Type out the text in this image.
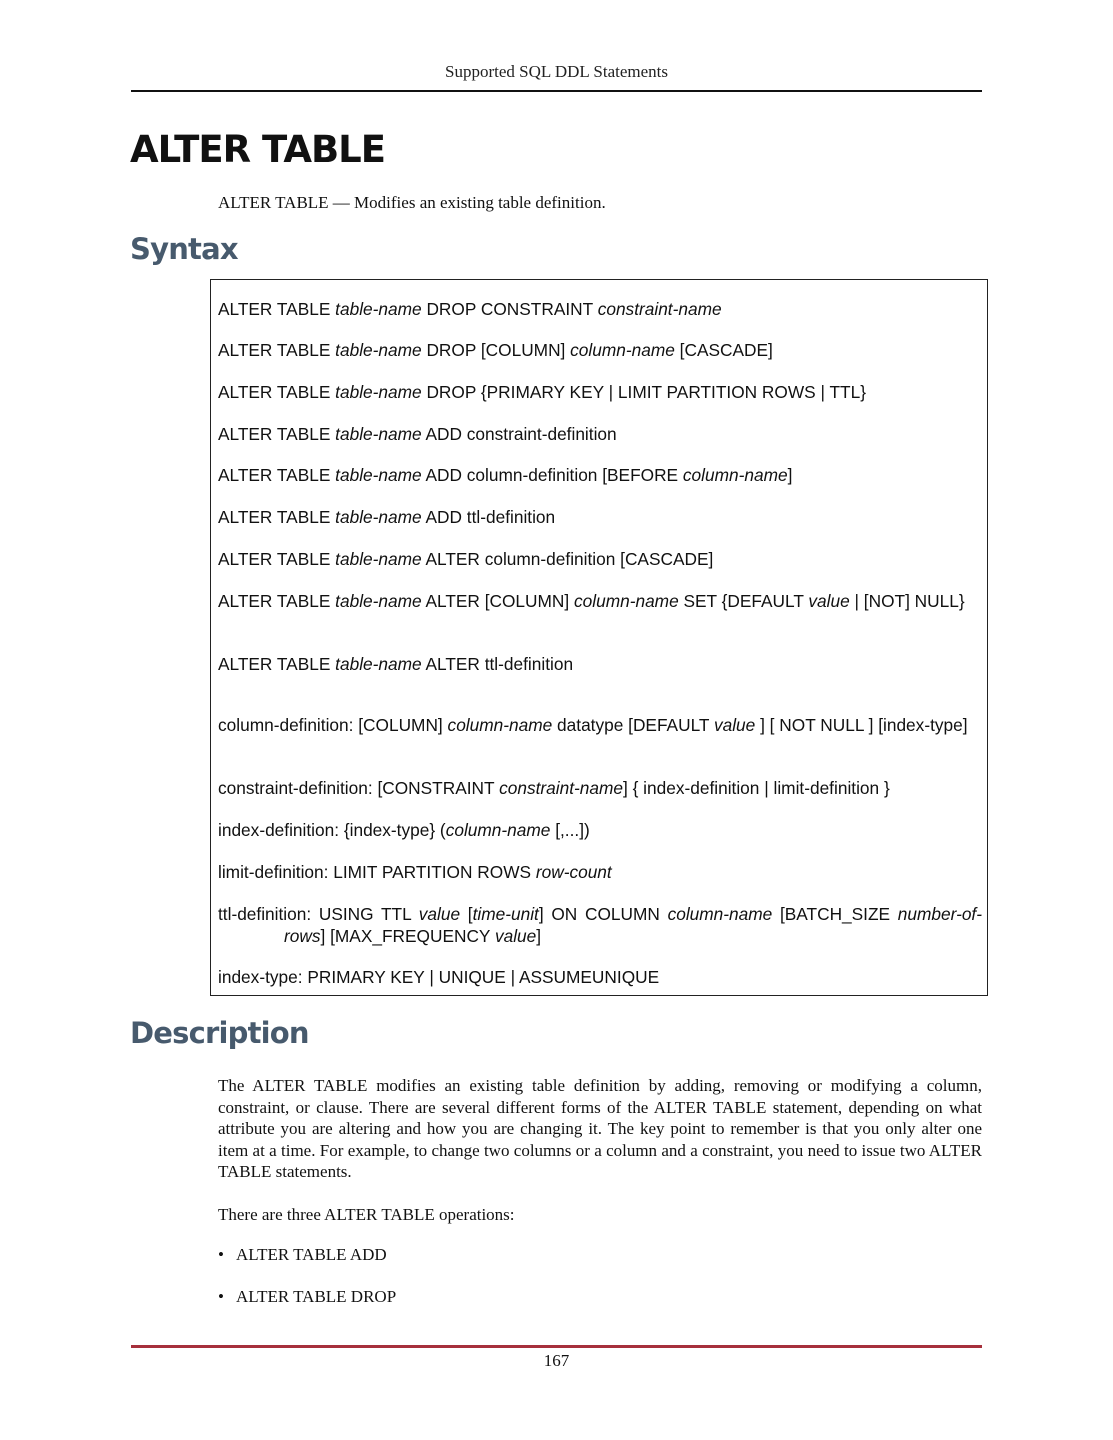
Supported SQL DDL Statements
ALTER TABLE
ALTER TABLE — Modifies an existing table definition.
Syntax
ALTER TABLE table-name DROP CONSTRAINT constraint-name
ALTER TABLE table-name DROP [COLUMN] column-name [CASCADE]
ALTER TABLE table-name DROP {PRIMARY KEY | LIMIT PARTITION ROWS | TTL}
ALTER TABLE table-name ADD constraint-definition
ALTER TABLE table-name ADD column-definition [BEFORE column-name]
ALTER TABLE table-name ADD ttl-definition
ALTER TABLE table-name ALTER column-definition [CASCADE]
ALTER TABLE table-name ALTER [COLUMN] column-name SET {DEFAULT value | [NOT] NULL}
ALTER TABLE table-name ALTER ttl-definition
column-definition: [COLUMN] column-name datatype [DEFAULT value ] [ NOT NULL ] [index-type]
constraint-definition: [CONSTRAINT constraint-name] { index-definition | limit-definition }
index-definition: {index-type} (column-name [,...])
limit-definition: LIMIT PARTITION ROWS row-count
ttl-definition: USING TTL value [time-unit] ON COLUMN column-name [BATCH_SIZE number-of-rows] [MAX_FREQUENCY value]
index-type: PRIMARY KEY | UNIQUE | ASSUMEUNIQUE
Description

The ALTER TABLE modifies an existing table definition by adding, removing or modifying a column, constraint, or clause. There are several different forms of the ALTER TABLE statement, depending on what attribute you are altering and how you are changing it. The key point to remember is that you only alter one item at a time. For example, to change two columns or a column and a constraint, you need to issue two ALTER TABLE statements.

There are three ALTER TABLE operations:

• ALTER TABLE ADD
• ALTER TABLE DROP
167
